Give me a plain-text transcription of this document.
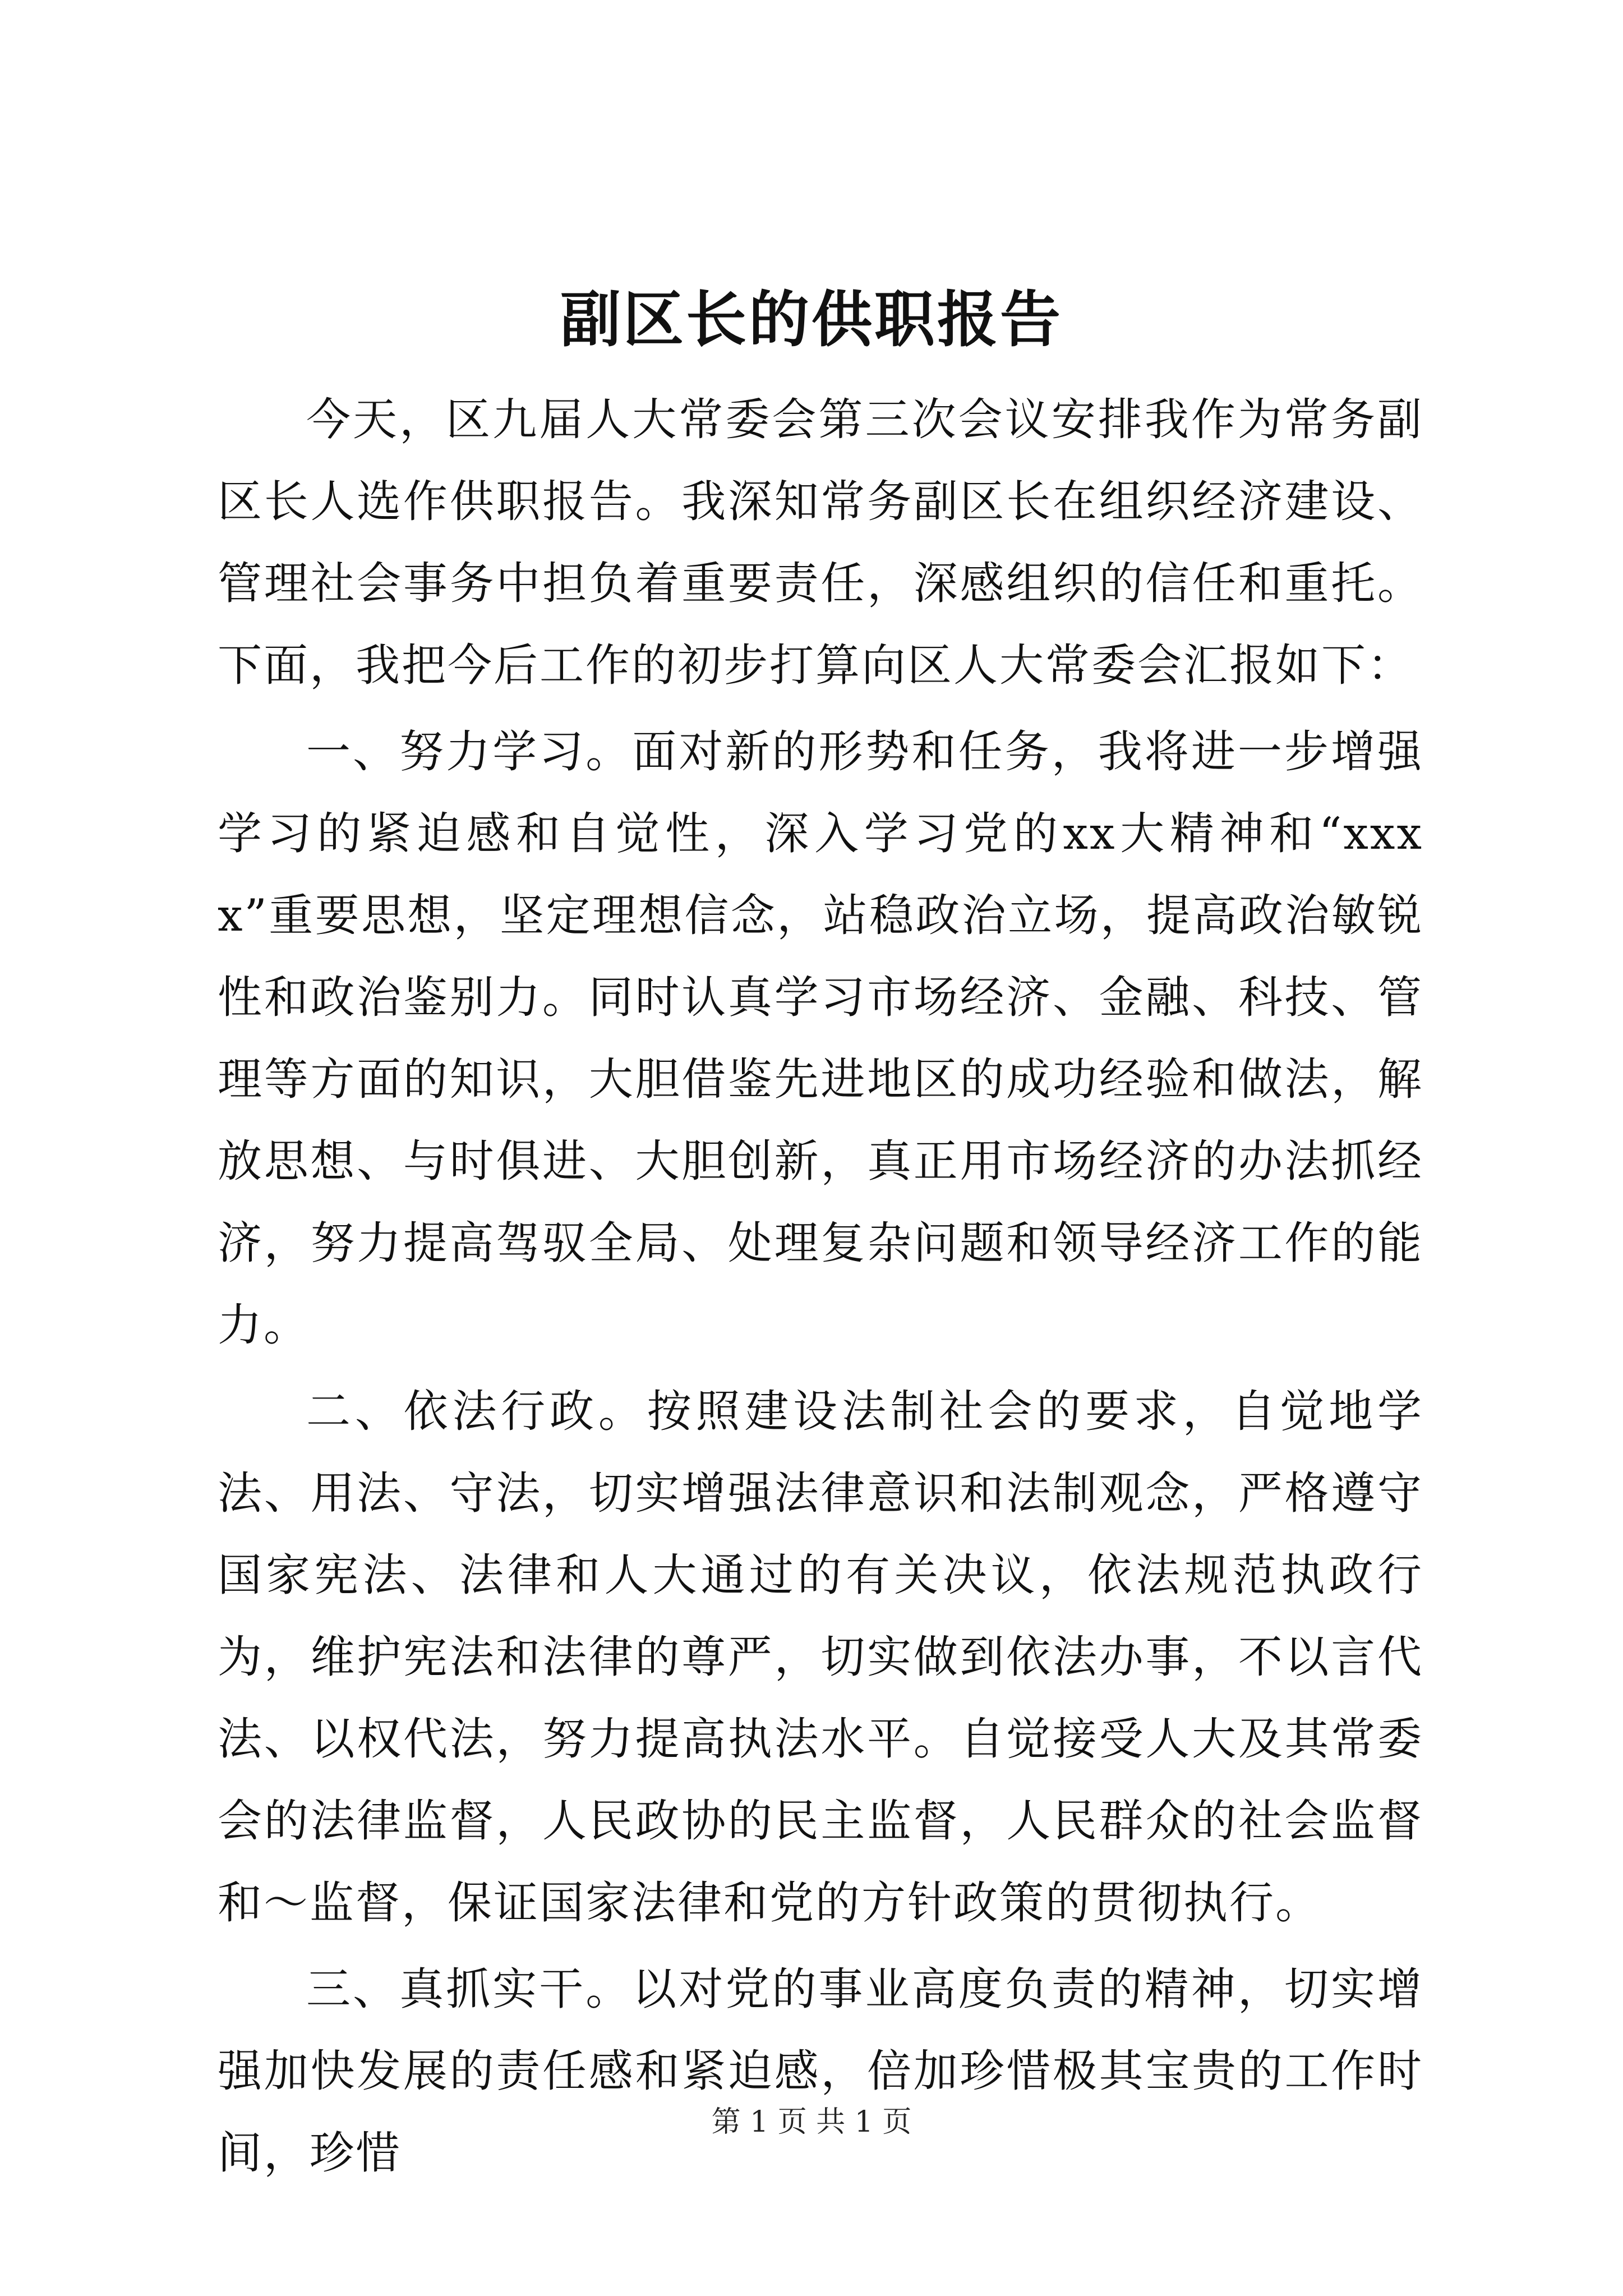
副区长的供职报告

今天，区九届人大常委会第三次会议安排我作为常务副区长人选作供职报告。我深知常务副区长在组织经济建设、管理社会事务中担负着重要责任，深感组织的信任和重托。下面，我把今后工作的初步打算向区人大常委会汇报如下：

一、努力学习。面对新的形势和任务，我将进一步增强学习的紧迫感和自觉性，深入学习党的xx大精神和“xxxx”重要思想，坚定理想信念，站稳政治立场，提高政治敏锐性和政治鉴别力。同时认真学习市场经济、金融、科技、管理等方面的知识，大胆借鉴先进地区的成功经验和做法，解放思想、与时俱进、大胆创新，真正用市场经济的办法抓经济，努力提高驾驭全局、处理复杂问题和领导经济工作的能力。

二、依法行政。按照建设法制社会的要求，自觉地学法、用法、守法，切实增强法律意识和法制观念，严格遵守国家宪法、法律和人大通过的有关决议，依法规范执政行为，维护宪法和法律的尊严，切实做到依法办事，不以言代法、以权代法，努力提高执法水平。自觉接受人大及其常委会的法律监督，人民政协的民主监督，人民群众的社会监督和～监督，保证国家法律和党的方针政策的贯彻执行。

三、真抓实干。以对党的事业高度负责的精神，切实增强加快发展的责任感和紧迫感，倍加珍惜极其宝贵的工作时间，珍惜

第 1 页 共 1 页
